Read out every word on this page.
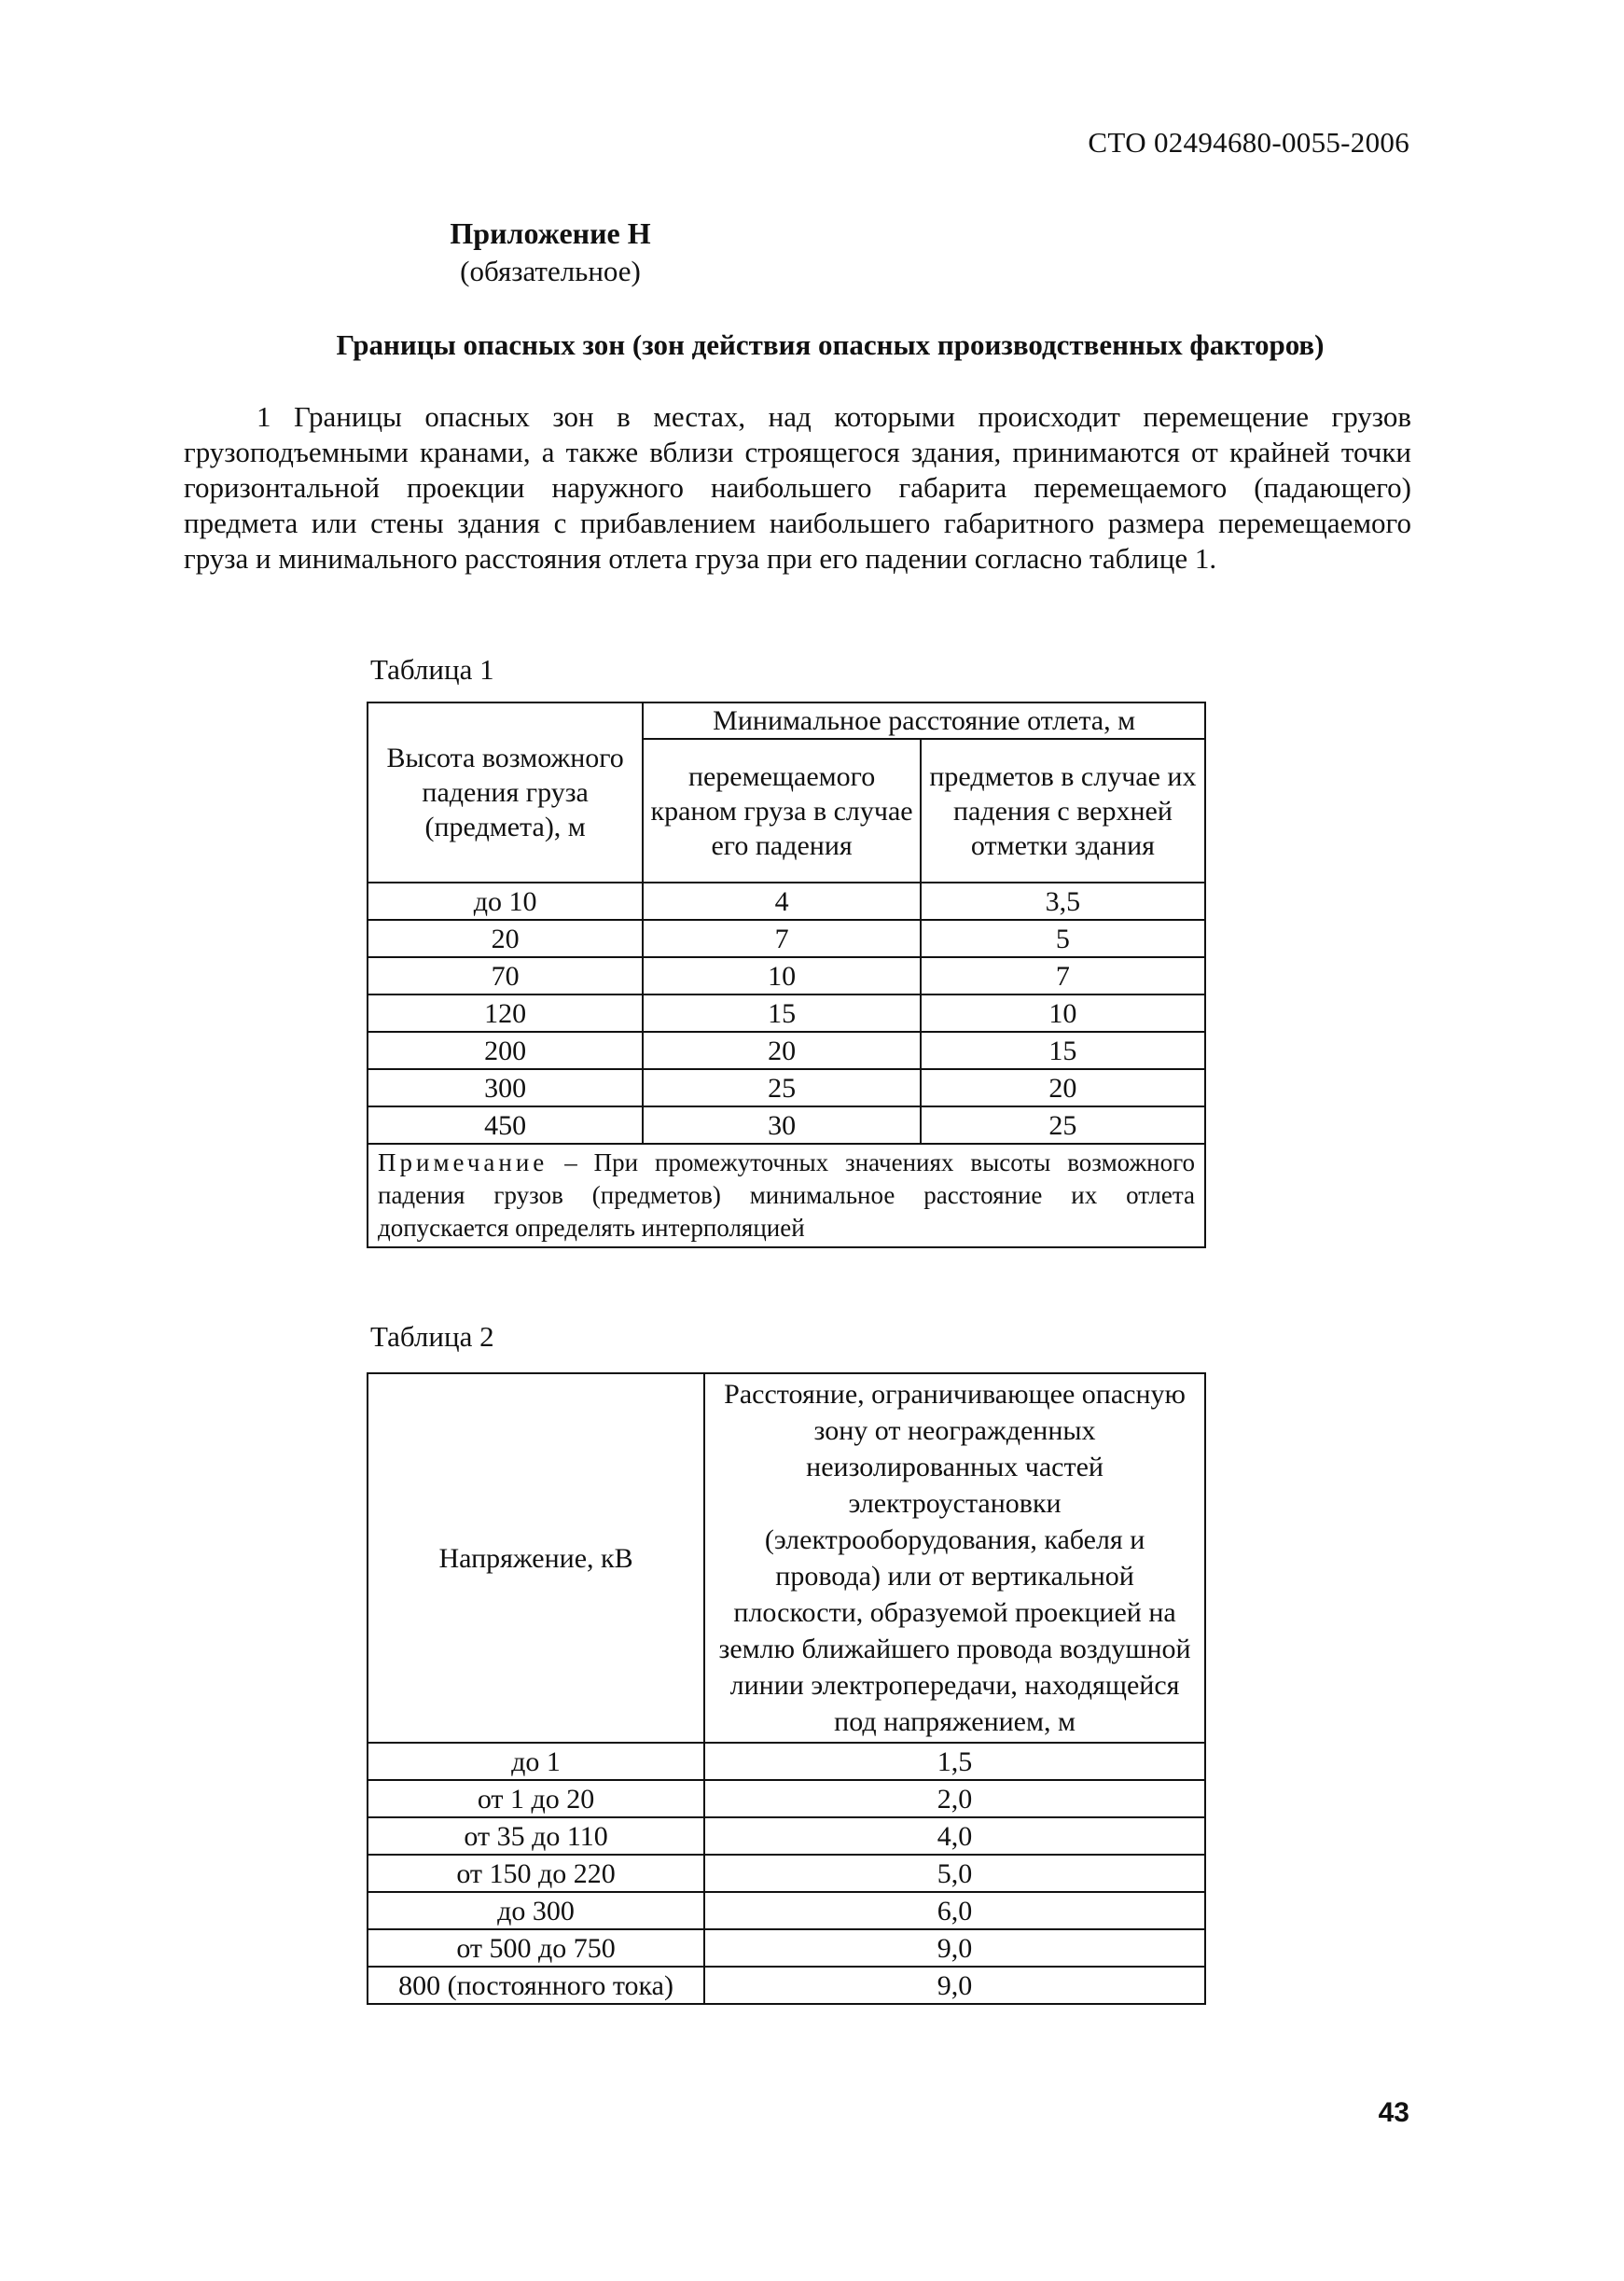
СТО 02494680-0055-2006
Приложение Н
(обязательное)
Границы опасных зон (зон действия опасных производственных факторов)
1 Границы опасных зон в местах, над которыми происходит перемещение грузов грузоподъемными кранами, а также вблизи строящегося здания, принимаются от крайней точки горизонтальной проекции наружного наибольшего габарита перемещаемого (падающего) предмета или стены здания с прибавлением наибольшего габаритного размера перемещаемого груза и минимального расстояния отлета груза при его падении согласно таблице 1.
Таблица 1
Высота возможного падения груза (предмета), м	Минимальное расстояние отлета, м	
	перемещаемого краном груза в случае его падения	предметов в случае их падения с верхней отметки здания
до 10	4	3,5
20	7	5
70	10	7
120	15	10
200	20	15
300	25	20
450	30	25
Примечание – При промежуточных значениях высоты возможного падения грузов (предметов) минимальное расстояние их отлета допускается определять интерполяцией		
Таблица 2
Напряжение, кВ	Расстояние, ограничивающее опасную зону от неогражденных неизолированных частей электроустановки (электрооборудования, кабеля и провода) или от вертикальной плоскости, образуемой проекцией на землю ближайшего провода воздушной линии электропередачи, находящейся под напряжением, м
до 1	1,5
от 1 до 20	2,0
от 35 до 110	4,0
от 150 до 220	5,0
до 300	6,0
от 500 до 750	9,0
800 (постоянного тока)	9,0
43
